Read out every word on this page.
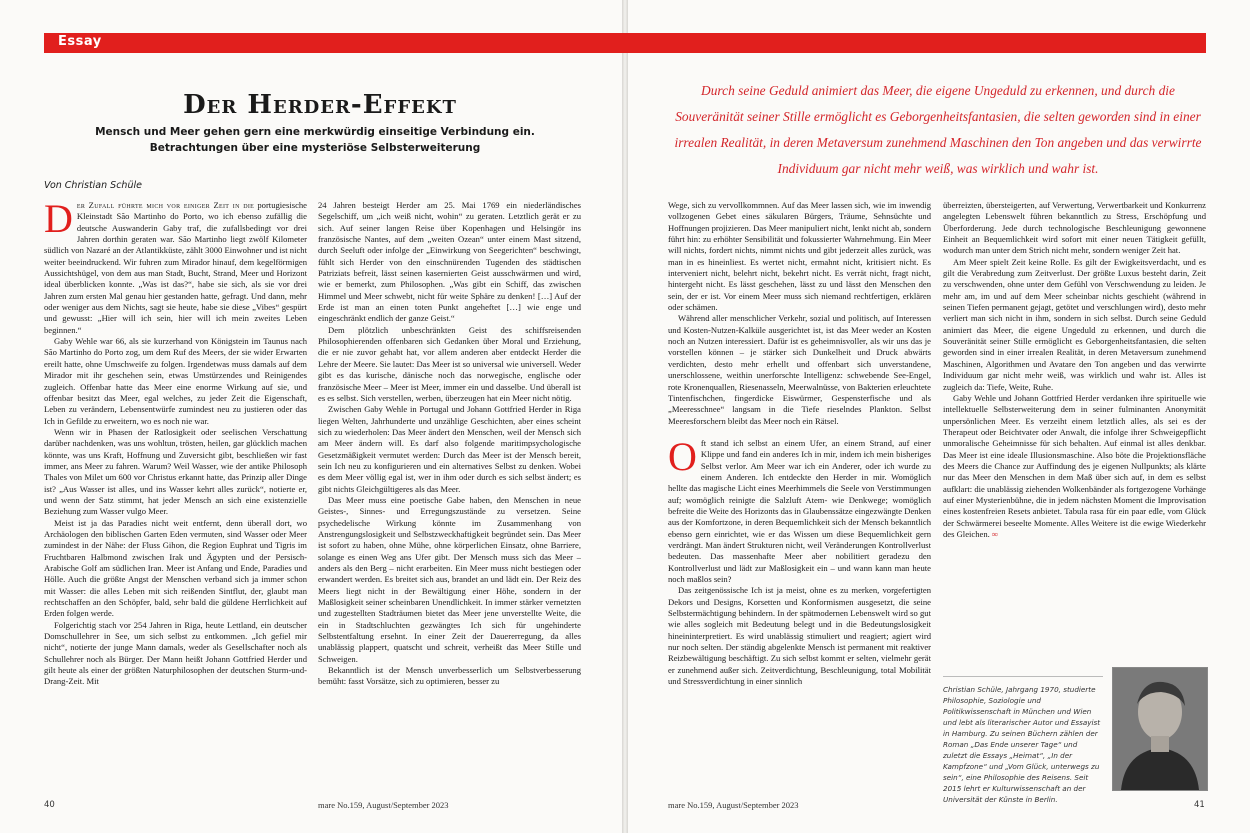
Essay
Der Herder-Effekt
Mensch und Meer gehen gern eine merkwürdig einseitige Verbindung ein.
Betrachtungen über eine mysteriöse Selbsterweiterung
Von Christian Schüle

Der Zufall führte mich vor einiger Zeit in die portugiesische Kleinstadt São Martinho do Porto, wo ich ebenso zufällig die deutsche Auswanderin Gaby traf, die zufallsbedingt vor drei Jahren dorthin geraten war. São Martinho liegt zwölf Kilometer südlich von Nazaré an der Atlantikküste, zählt 3000 Einwohner und ist nicht weiter beeindruckend. Wir fuhren zum Mirador hinauf, dem kegelförmigen Aussichtshügel, von dem aus man Stadt, Bucht, Strand, Meer und Horizont ideal überblicken konnte. „Was ist das?“, habe sie sich, als sie vor drei Jahren zum ersten Mal genau hier gestanden hatte, gefragt. Und dann, mehr oder weniger aus dem Nichts, sagt sie heute, habe sie diese „Vibes“ gespürt und gewusst: „Hier will ich sein, hier will ich mein zweites Leben beginnen.“

Gaby Wehle war 66, als sie kurzerhand von Königstein im Taunus nach São Martinho do Porto zog, um dem Ruf des Meers, der sie wider Erwarten ereilt hatte, ohne Umschweife zu folgen. Irgendetwas muss damals auf dem Mirador mit ihr geschehen sein, etwas Umstürzendes und Reinigendes zugleich. Offenbar hatte das Meer eine enorme Wirkung auf sie, und offenbar besitzt das Meer, egal welches, zu jeder Zeit die Eigenschaft, Leben zu verändern, Lebensentwürfe zumindest neu zu justieren oder das Ich in Gefilde zu erweitern, wo es noch nie war.

Wenn wir in Phasen der Ratlosigkeit oder seelischen Verschattung darüber nachdenken, was uns wohltun, trösten, heilen, gar glücklich machen könnte, was uns Kraft, Hoffnung und Zuversicht gibt, beschließen wir fast immer, ans Meer zu fahren. Warum? Weil Wasser, wie der antike Philosoph Thales von Milet um 600 vor Christus erkannt hatte, das Prinzip aller Dinge ist? „Aus Wasser ist alles, und ins Wasser kehrt alles zurück“, notierte er, und wenn der Satz stimmt, hat jeder Mensch an sich eine existenzielle Beziehung zum Wasser vulgo Meer.

Meist ist ja das Paradies nicht weit entfernt, denn überall dort, wo Archäologen den biblischen Garten Eden vermuten, sind Wasser oder Meer zumindest in der Nähe: der Fluss Gihon, die Region Euphrat und Tigris im Fruchtbaren Halbmond zwischen Irak und Ägypten und der Persisch-Arabische Golf am südlichen Iran. Meer ist Anfang und Ende, Paradies und Hölle. Auch die größte Angst der Menschen verband sich ja immer schon mit Wasser: die alles Leben mit sich reißenden Sintflut, der, glaubt man rechtschaffen an den Schöpfer, bald, sehr bald die güldene Herrlichkeit auf Erden folgen werde.

Folgerichtig stach vor 254 Jahren in Riga, heute Lettland, ein deutscher Domschullehrer in See, um sich selbst zu entkommen. „Ich gefiel mir nicht“, notierte der junge Mann damals, weder als Gesellschafter noch als Schullehrer noch als Bürger. Der Mann heißt Johann Gottfried Herder und gilt heute als einer der größten Naturphilosophen der deutschen Sturm-und-Drang-Zeit. Mit

24 Jahren besteigt Herder am 25. Mai 1769 ein niederländisches Segelschiff, um „ich weiß nicht, wohin“ zu geraten. Letztlich gerät er zu sich. Auf seiner langen Reise über Kopenhagen und Helsingör ins französische Nantes, auf dem „weiten Ozean“ unter einem Mast sitzend, durch Seeluft oder infolge der „Einwirkung von Seegerichten“ beschwingt, fühlt sich Herder von den einschnürenden Tugenden des städtischen Patriziats befreit, lässt seinen kasernierten Geist ausschwärmen und wird, wie er bemerkt, zum Philosophen. „Was gibt ein Schiff, das zwischen Himmel und Meer schwebt, nicht für weite Sphäre zu denken! […] Auf der Erde ist man an einen toten Punkt angeheftet […] wie enge und eingeschränkt endlich der ganze Geist.“

Dem plötzlich unbeschränkten Geist des schiffsreisenden Philosophierenden offenbaren sich Gedanken über Moral und Erziehung, die er nie zuvor gehabt hat, vor allem anderen aber entdeckt Herder die Lehre der Meere. Sie lautet: Das Meer ist so universal wie universell. Weder gibt es das kurische, dänische noch das norwegische, englische oder französische Meer – Meer ist Meer, immer ein und dasselbe. Und überall ist es es selbst. Sich verstellen, werben, überzeugen hat ein Meer nicht nötig.

Zwischen Gaby Wehle in Portugal und Johann Gottfried Herder in Riga liegen Welten, Jahrhunderte und unzählige Geschichten, aber eines scheint sich zu wiederholen: Das Meer ändert den Menschen, weil der Mensch sich am Meer ändern will. Es darf also folgende maritimpsychologische Gesetzmäßigkeit vermutet werden: Durch das Meer ist der Mensch bereit, sein Ich neu zu konfigurieren und ein alternatives Selbst zu denken. Wobei es dem Meer völlig egal ist, wer in ihm oder durch es sich selbst ändert; es gibt nichts Gleichgültigeres als das Meer.

Das Meer muss eine poetische Gabe haben, den Menschen in neue Geistes-, Sinnes- und Erregungszustände zu versetzen. Seine psychedelische Wirkung könnte im Zusammenhang von Anstrengungslosigkeit und Selbstzweckhaftigkeit begründet sein. Das Meer ist sofort zu haben, ohne Mühe, ohne körperlichen Einsatz, ohne Barriere, solange es einen Weg ans Ufer gibt. Der Mensch muss sich das Meer – anders als den Berg – nicht erarbeiten. Ein Meer muss nicht bestiegen oder erwandert werden. Es breitet sich aus, brandet an und lädt ein. Der Reiz des Meers liegt nicht in der Bewältigung einer Höhe, sondern in der Maßlosigkeit seiner scheinbaren Unendlichkeit. In immer stärker vernetzten und zugestellten Stadträumen bietet das Meer jene unverstellte Weite, die ein in Stadtschluchten gezwängtes Ich sich für ungehinderte Selbstentfaltung ersehnt. In einer Zeit der Dauererregung, da alles unablässig plappert, quatscht und schreit, verheißt das Meer Stille und Schweigen.

Bekanntlich ist der Mensch unverbesserlich um Selbstverbesserung bemüht: fasst Vorsätze, sich zu optimieren, besser zu

Durch seine Geduld animiert das Meer, die eigene Ungeduld zu erkennen, und durch die Souveränität seiner Stille ermöglicht es Geborgenheitsfantasien, die selten geworden sind in einer irrealen Realität, in deren Metaversum zunehmend Maschinen den Ton angeben und das verwirrte Individuum gar nicht mehr weiß, was wirklich und wahr ist.

Wege, sich zu vervollkommnen. Auf das Meer lassen sich, wie im inwendig vollzogenen Gebet eines säkularen Bürgers, Träume, Sehnsüchte und Hoffnungen projizieren. Das Meer manipuliert nicht, lenkt nicht ab, sondern führt hin: zu erhöhter Sensibilität und fokussierter Wahrnehmung. Ein Meer will nichts, fordert nichts, nimmt nichts und gibt jederzeit alles zurück, was man in es hineinliest. Es wertet nicht, ermahnt nicht, kritisiert nicht. Es interveniert nicht, belehrt nicht, bekehrt nicht. Es verrät nicht, fragt nicht, hintergeht nicht. Es lässt geschehen, lässt zu und lässt den Menschen den sein, der er ist. Vor einem Meer muss sich niemand rechtfertigen, erklären oder schämen.

Während aller menschlicher Verkehr, sozial und politisch, auf Interessen und Kosten-Nutzen-Kalküle ausgerichtet ist, ist das Meer weder an Kosten noch an Nutzen interessiert. Dafür ist es geheimnisvoller, als wir uns das je vorstellen können – je stärker sich Dunkelheit und Druck abwärts verdichten, desto mehr erhellt und offenbart sich unverstandene, unerschlossene, weithin unerforschte Intelligenz: schwebende See-Engel, rote Kronenquallen, Riesenasseln, Meerwalnüsse, von Bakterien erleuchtete Tintenfischchen, fingerdicke Eiswürmer, Gespensterfische und als „Meeresschnee“ langsam in die Tiefe rieselndes Plankton. Selbst Meeresforschern bleibt das Meer noch ein Rätsel.

Oft stand ich selbst an einem Ufer, an einem Strand, auf einer Klippe und fand ein anderes Ich in mir, indem ich mein bisheriges Selbst verlor. Am Meer war ich ein Anderer, oder ich wurde zu einem Anderen. Ich entdeckte den Herder in mir. Womöglich hellte das magische Licht eines Meerhimmels die Seele von Verstimmungen auf; womöglich reinigte die Salzluft Atem- wie Denkwege; womöglich befreite die Weite des Horizonts das in Glaubenssätze eingezwängte Denken aus der Komfortzone, in deren Bequemlichkeit sich der Mensch bekanntlich ebenso gern einrichtet, wie er das Wissen um diese Bequemlichkeit gern verdrängt. Man ändert Strukturen nicht, weil Veränderungen Kontrollverlust bedeuten. Das massenhafte Meer aber nobilitiert geradezu den Kontrollverlust und lädt zur Maßlosigkeit ein – und wann kann man heute noch maßlos sein?

Das zeitgenössische Ich ist ja meist, ohne es zu merken, vorgefertigten Dekors und Designs, Korsetten und Konformismen ausgesetzt, die seine Selbstermächtigung behindern. In der spätmodernen Lebenswelt wird so gut wie alles sogleich mit Bedeutung belegt und in die Bedeutungslosigkeit hineininterpretiert. Es wird unablässig stimuliert und reagiert; agiert wird nur noch selten. Der ständig abgelenkte Mensch ist permanent mit reaktiver Reizbewältigung beschäftigt. Zu sich selbst kommt er selten, vielmehr gerät er zunehmend außer sich. Zeitverdichtung, Beschleunigung, total Mobilität und Stressverdichtung in einer sinnlich

überreizten, übersteigerten, auf Verwertung, Verwertbarkeit und Konkurrenz angelegten Lebenswelt führen bekanntlich zu Stress, Erschöpfung und Überforderung. Jede durch technologische Beschleunigung gewonnene Einheit an Bequemlichkeit wird sofort mit einer neuen Tätigkeit gefüllt, wodurch man unter dem Strich nicht mehr, sondern weniger Zeit hat.

Am Meer spielt Zeit keine Rolle. Es gilt der Ewigkeitsverdacht, und es gilt die Verabredung zum Zeitverlust. Der größte Luxus besteht darin, Zeit zu verschwenden, ohne unter dem Gefühl von Verschwendung zu leiden. Je mehr am, im und auf dem Meer scheinbar nichts geschieht (während in seinen Tiefen permanent gejagt, getötet und verschlungen wird), desto mehr verliert man sich nicht in ihm, sondern in sich selbst. Durch seine Geduld animiert das Meer, die eigene Ungeduld zu erkennen, und durch die Souveränität seiner Stille ermöglicht es Geborgenheitsfantasien, die selten geworden sind in einer irrealen Realität, in deren Metaversum zunehmend Maschinen, Algorithmen und Avatare den Ton angeben und das verwirrte Individuum gar nicht mehr weiß, was wirklich und wahr ist. Alles ist zugleich da: Tiefe, Weite, Ruhe.

Gaby Wehle und Johann Gottfried Herder verdanken ihre spirituelle wie intellektuelle Selbsterweiterung dem in seiner fulminanten Anonymität unpersönlichen Meer. Es verzeiht einem letztlich alles, als sei es der Therapeut oder Beichtvater oder Anwalt, die infolge ihrer Schweigepflicht unmoralische Geheimnisse für sich behalten. Auf einmal ist alles denkbar. Das Meer ist eine ideale Illusionsmaschine. Also böte die Projektionsfläche des Meers die Chance zur Auffindung des je eigenen Nullpunkts; als klärte nur das Meer den Menschen in dem Maß über sich auf, in dem es selbst aufklart: die unablässig ziehenden Wolkenbänder als fortgezogene Vorhänge auf einer Mysterienbühne, die in jedem nächsten Moment die Improvisation eines kostenfreien Resets anbietet. Tabula rasa für ein paar edle, vom Glück der Schwärmerei beseelte Momente. Alles Weitere ist die ewige Wiederkehr des Gleichen. ∞

Christian Schüle, Jahrgang 1970, studierte Philosophie, Soziologie und Politikwissenschaft in München und Wien und lebt als literarischer Autor und Essayist in Hamburg. Zu seinen Büchern zählen der Roman „Das Ende unserer Tage“ und zuletzt die Essays „Heimat“, „In der Kampfzone“ und „Vom Glück, unterwegs zu sein“, eine Philosophie des Reisens. Seit 2015 lehrt er Kulturwissenschaft an der Universität der Künste in Berlin.
40	mare No.159, August/September 2023	mare No.159, August/September 2023	41
